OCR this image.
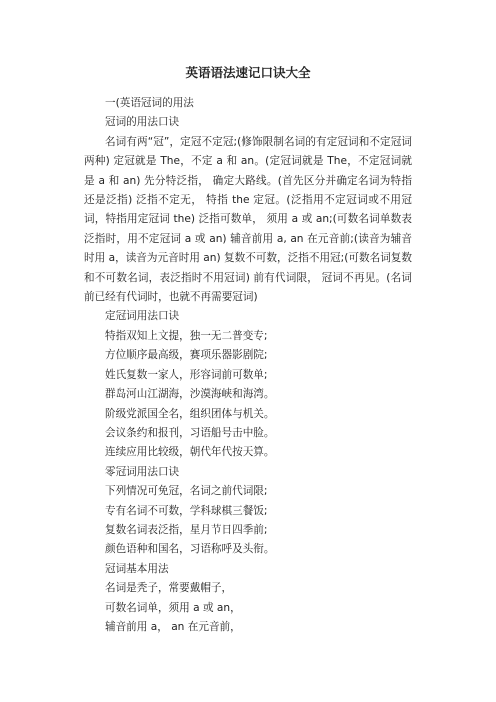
英语语法速记口诀大全

一(英语冠词的用法

冠词的用法口诀

名词有两“冠”，定冠不定冠;(修饰限制名词的有定冠词和不定冠词两种) 定冠就是 The，不定 a 和 an。(定冠词就是 The，不定冠词就是 a 和 an) 先分特泛指， 确定大路线。(首先区分并确定名词为特指还是泛指) 泛指不定无， 特指 the 定冠。(泛指用不定冠词或不用冠词，特指用定冠词 the) 泛指可数单， 须用 a 或 an;(可数名词单数表泛指时，用不定冠词 a 或 an) 辅音前用 a, an 在元音前;(读音为辅音时用 a，读音为元音时用 an) 复数不可数，泛指不用冠;(可数名词复数和不可数名词，表泛指时不用冠词) 前有代词限， 冠词不再见。(名词前已经有代词时，也就不再需要冠词)

定冠词用法口诀

特指双知上文提，独一无二普变专;

方位顺序最高级，赛项乐器影剧院;

姓氏复数一家人，形容词前可数单;

群岛河山江湖海，沙漠海峡和海湾。

阶级党派国全名，组织团体与机关。

会议条约和报刊，习语船号击中脸。

连续应用比较级，朝代年代按天算。

零冠词用法口诀

下列情况可免冠，名词之前代词限;

专有名词不可数，学科球棋三餐饭;

复数名词表泛指，星月节日四季前;

颜色语种和国名，习语称呼及头衔。

冠词基本用法

名词是秃子，常要戴帽子，

可数名词单，须用 a 或 an，

辅音前用 a， an 在元音前，
